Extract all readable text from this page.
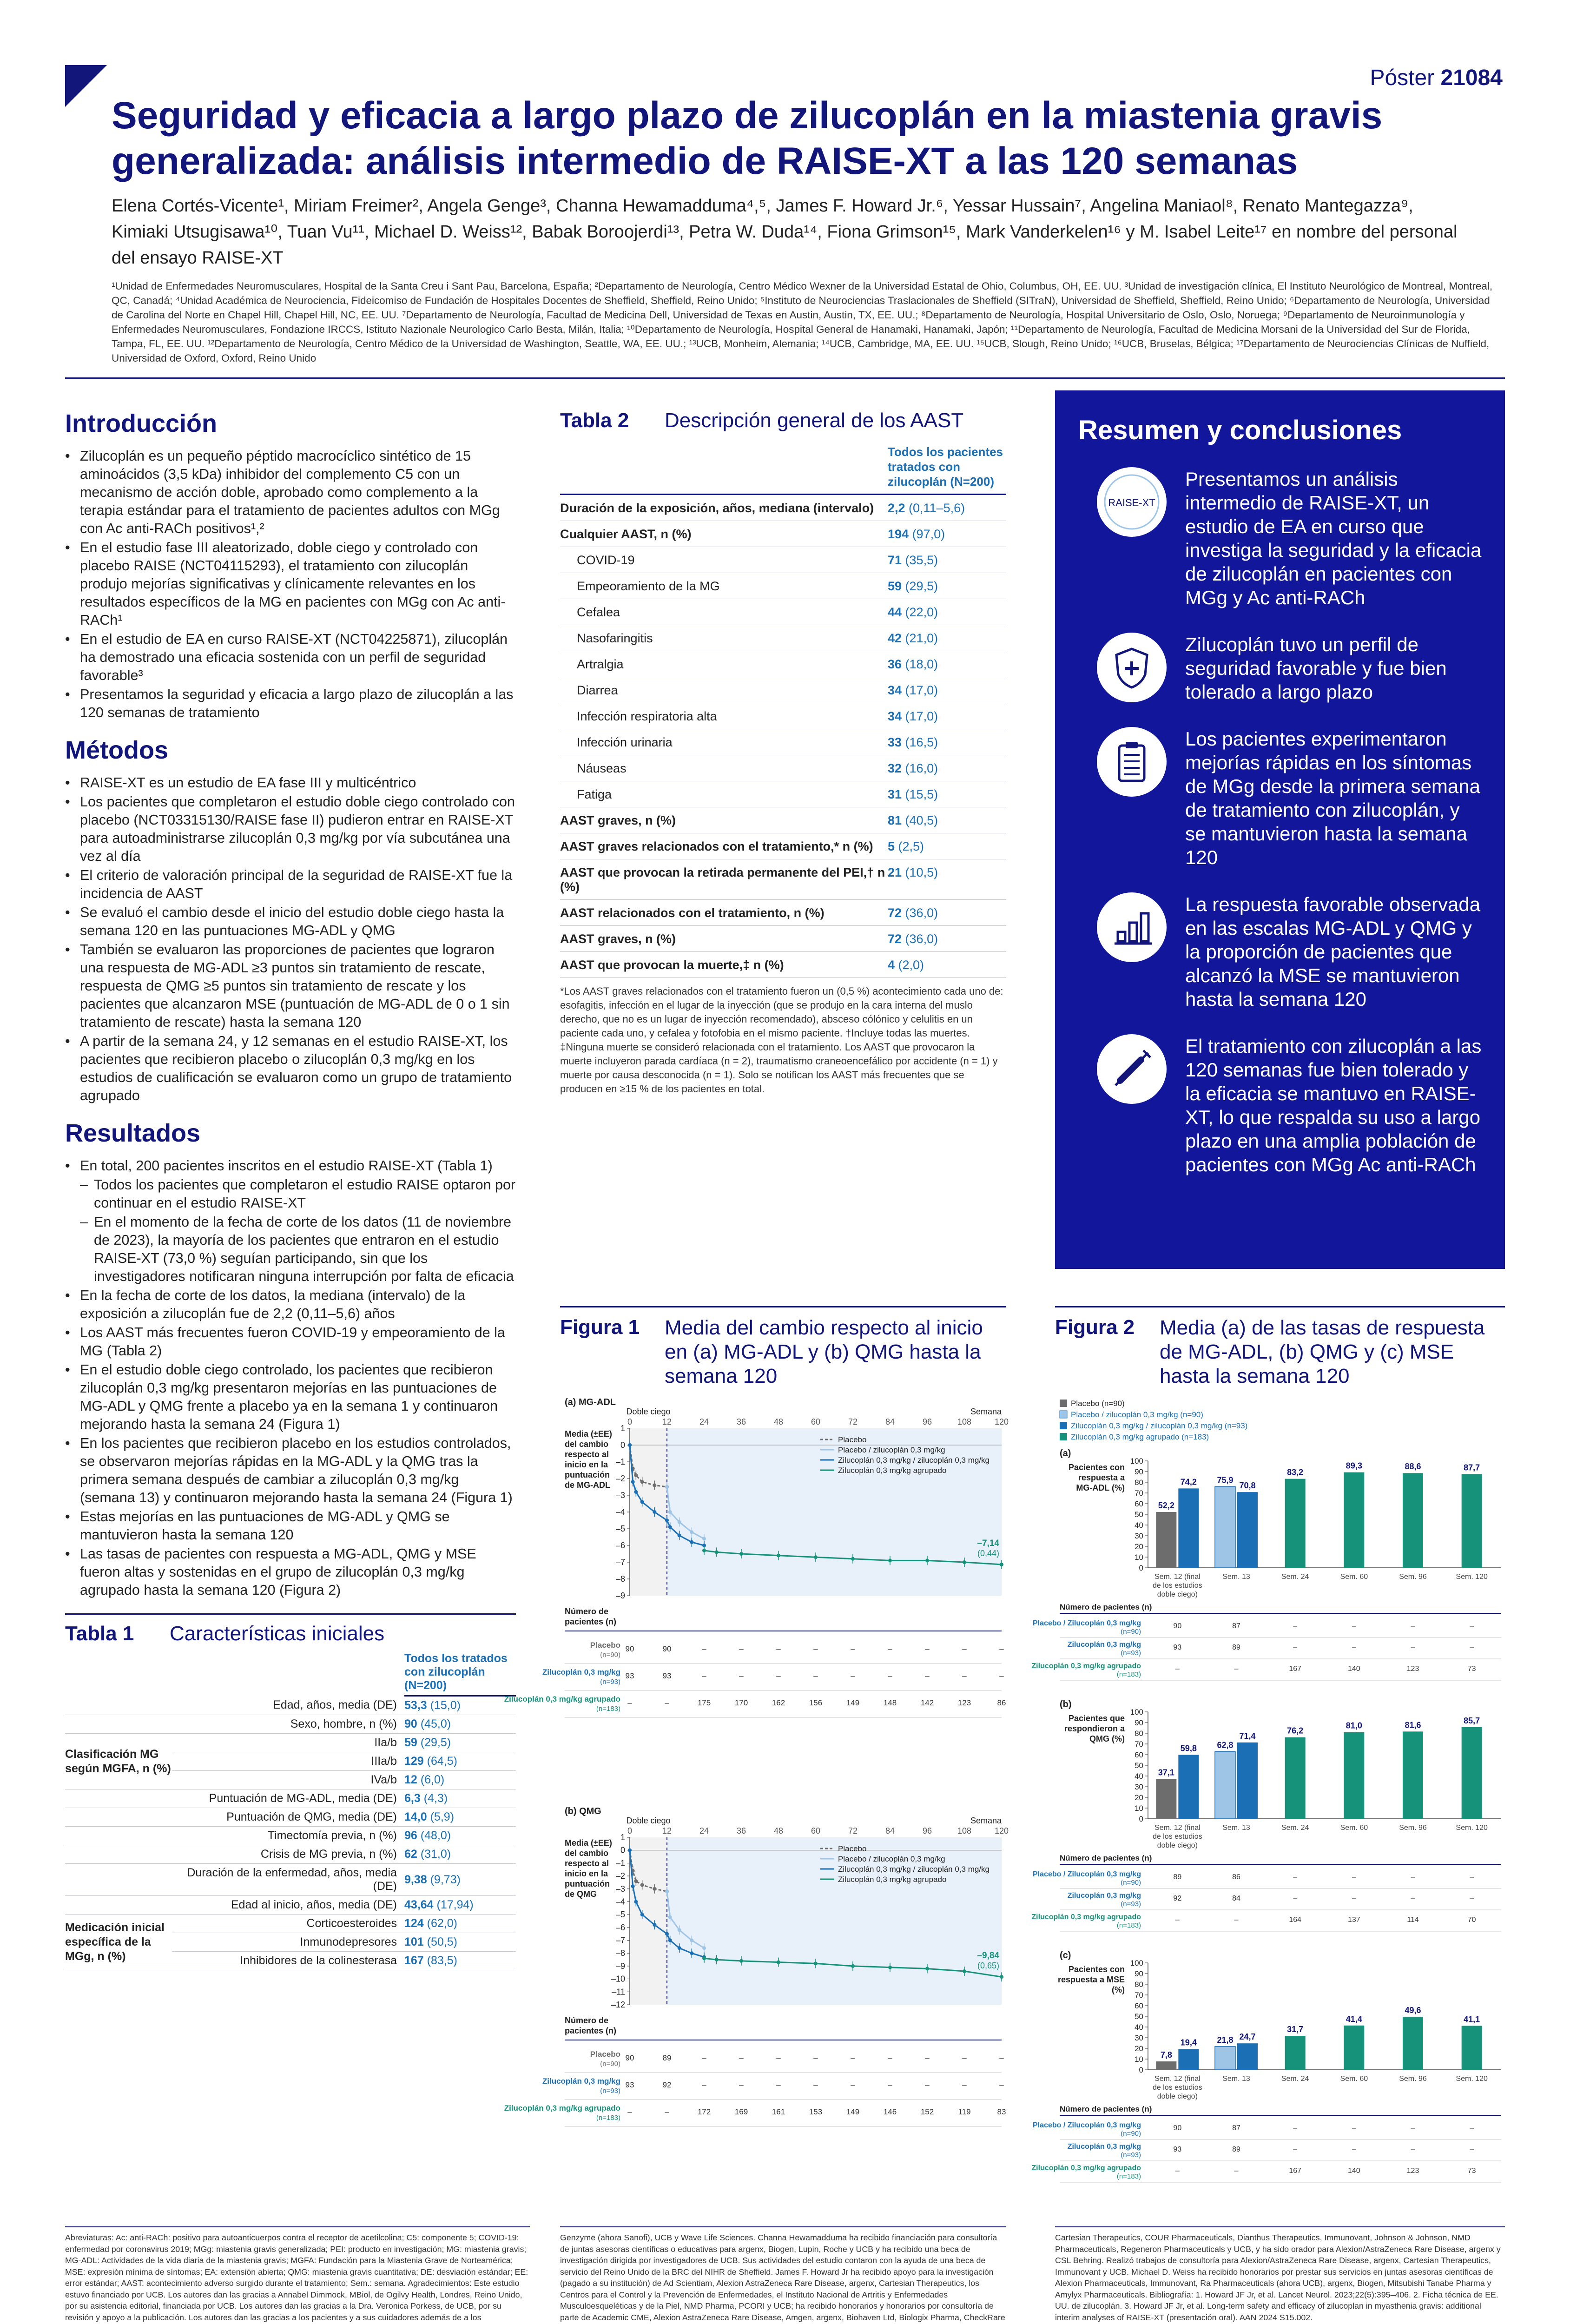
Póster 21084
Seguridad y eficacia a largo plazo de zilucoplán en la miastenia gravis generalizada: análisis intermedio de RAISE-XT a las 120 semanas
Elena Cortés-Vicente¹, Miriam Freimer², Angela Genge³, Channa Hewamadduma⁴,⁵, James F. Howard Jr.⁶, Yessar Hussain⁷, Angelina Maniaol⁸, Renato Mantegazza⁹, Kimiaki Utsugisawa¹⁰, Tuan Vu¹¹, Michael D. Weiss¹², Babak Boroojerdi¹³, Petra W. Duda¹⁴, Fiona Grimson¹⁵, Mark Vanderkelen¹⁶ y M. Isabel Leite¹⁷ en nombre del personal del ensayo RAISE-XT
¹Unidad de Enfermedades Neuromusculares, Hospital de la Santa Creu i Sant Pau, Barcelona, España; ²Departamento de Neurología, Centro Médico Wexner de la Universidad Estatal de Ohio, Columbus, OH, EE. UU. ³Unidad de investigación clínica, El Instituto Neurológico de Montreal, Montreal, QC, Canadá; ⁴Unidad Académica de Neurociencia, Fideicomiso de Fundación de Hospitales Docentes de Sheffield, Sheffield, Reino Unido; ⁵Instituto de Neurociencias Traslacionales de Sheffield (SITraN), Universidad de Sheffield, Sheffield, Reino Unido; ⁶Departamento de Neurología, Universidad de Carolina del Norte en Chapel Hill, Chapel Hill, NC, EE. UU. ⁷Departamento de Neurología, Facultad de Medicina Dell, Universidad de Texas en Austin, Austin, TX, EE. UU.; ⁸Departamento de Neurología, Hospital Universitario de Oslo, Oslo, Noruega; ⁹Departamento de Neuroinmunología y Enfermedades Neuromusculares, Fondazione IRCCS, Istituto Nazionale Neurologico Carlo Besta, Milán, Italia; ¹⁰Departamento de Neurología, Hospital General de Hanamaki, Hanamaki, Japón; ¹¹Departamento de Neurología, Facultad de Medicina Morsani de la Universidad del Sur de Florida, Tampa, FL, EE. UU. ¹²Departamento de Neurología, Centro Médico de la Universidad de Washington, Seattle, WA, EE. UU.; ¹³UCB, Monheim, Alemania; ¹⁴UCB, Cambridge, MA, EE. UU. ¹⁵UCB, Slough, Reino Unido; ¹⁶UCB, Bruselas, Bélgica; ¹⁷Departamento de Neurociencias Clínicas de Nuffield, Universidad de Oxford, Oxford, Reino Unido
Introducción
• Zilucoplán es un pequeño péptido macrocíclico sintético de 15 aminoácidos (3,5 kDa) inhibidor del complemento C5 con un mecanismo de acción doble, aprobado como complemento a la terapia estándar para el tratamiento de pacientes adultos con MGg con Ac anti-RACh positivos¹,²
• En el estudio fase III aleatorizado, doble ciego y controlado con placebo RAISE (NCT04115293), el tratamiento con zilucoplán produjo mejorías significativas y clínicamente relevantes en los resultados específicos de la MG en pacientes con MGg con Ac anti-RACh¹
• En el estudio de EA en curso RAISE-XT (NCT04225871), zilucoplán ha demostrado una eficacia sostenida con un perfil de seguridad favorable³
• Presentamos la seguridad y eficacia a largo plazo de zilucoplán a las 120 semanas de tratamiento
Métodos
• RAISE-XT es un estudio de EA fase III y multicéntrico
• Los pacientes que completaron el estudio doble ciego controlado con placebo (NCT03315130/RAISE fase II) pudieron entrar en RAISE-XT para autoadministrarse zilucoplán 0,3 mg/kg por vía subcutánea una vez al día
• El criterio de valoración principal de la seguridad de RAISE-XT fue la incidencia de AAST
• Se evaluó el cambio desde el inicio del estudio doble ciego hasta la semana 120 en las puntuaciones MG-ADL y QMG
• También se evaluaron las proporciones de pacientes que lograron una respuesta de MG-ADL ≥3 puntos sin tratamiento de rescate, respuesta de QMG ≥5 puntos sin tratamiento de rescate y los pacientes que alcanzaron MSE (puntuación de MG-ADL de 0 o 1 sin tratamiento de rescate) hasta la semana 120
• A partir de la semana 24, y 12 semanas en el estudio RAISE-XT, los pacientes que recibieron placebo o zilucoplán 0,3 mg/kg en los estudios de cualificación se evaluaron como un grupo de tratamiento agrupado
Resultados
• En total, 200 pacientes inscritos en el estudio RAISE-XT (Tabla 1)
– Todos los pacientes que completaron el estudio RAISE optaron por continuar en el estudio RAISE-XT
– En el momento de la fecha de corte de los datos (11 de noviembre de 2023), la mayoría de los pacientes que entraron en el estudio RAISE-XT (73,0 %) seguían participando, sin que los investigadores notificaran ninguna interrupción por falta de eficacia
• En la fecha de corte de los datos, la mediana (intervalo) de la exposición a zilucoplán fue de 2,2 (0,11–5,6) años
• Los AAST más frecuentes fueron COVID-19 y empeoramiento de la MG (Tabla 2)
• En el estudio doble ciego controlado, los pacientes que recibieron zilucoplán 0,3 mg/kg presentaron mejorías en las puntuaciones de MG-ADL y QMG frente a placebo ya en la semana 1 y continuaron mejorando hasta la semana 24 (Figura 1)
• En los pacientes que recibieron placebo en los estudios controlados, se observaron mejorías rápidas en la MG-ADL y la QMG tras la primera semana después de cambiar a zilucoplán 0,3 mg/kg (semana 13) y continuaron mejorando hasta la semana 24 (Figura 1)
• Estas mejorías en las puntuaciones de MG-ADL y QMG se mantuvieron hasta la semana 120
• Las tasas de pacientes con respuesta a MG-ADL, QMG y MSE fueron altas y sostenidas en el grupo de zilucoplán 0,3 mg/kg agrupado hasta la semana 120 (Figura 2)
Tabla 1	Características iniciales
		Todos los tratados con zilucoplán (N=200)
	Edad, años, media (DE)	53,3 (15,0)
	Sexo, hombre, n (%)	90 (45,0)
Clasificación MG según MGFA, n (%)	IIa/b	59 (29,5)
	IIIa/b	129 (64,5)
	IVa/b	12 (6,0)
	Puntuación de MG-ADL, media (DE)	6,3 (4,3)
	Puntuación de QMG, media (DE)	14,0 (5,9)
	Timectomía previa, n (%)	96 (48,0)
	Crisis de MG previa, n (%)	62 (31,0)
	Duración de la enfermedad, años, media (DE)	9,38 (9,73)
	Edad al inicio, años, media (DE)	43,64 (17,94)
Medicación inicial específica de la MGg, n (%)	Corticoesteroides	124 (62,0)
	Inmunodepresores	101 (50,5)
	Inhibidores de la colinesterasa	167 (83,5)
Tabla 2	Descripción general de los AAST
	Todos los pacientes tratados con zilucoplán (N=200)
Duración de la exposición, años, mediana (intervalo)	2,2 (0,11–5,6)
Cualquier AAST, n (%)	194 (97,0)
COVID-19	71 (35,5)
Empeoramiento de la MG	59 (29,5)
Cefalea	44 (22,0)
Nasofaringitis	42 (21,0)
Artralgia	36 (18,0)
Diarrea	34 (17,0)
Infección respiratoria alta	34 (17,0)
Infección urinaria	33 (16,5)
Náuseas	32 (16,0)
Fatiga	31 (15,5)
AAST graves, n (%)	81 (40,5)
AAST graves relacionados con el tratamiento,* n (%)	5 (2,5)
AAST que provocan la retirada permanente del PEI,† n (%)	21 (10,5)
AAST relacionados con el tratamiento, n (%)	72 (36,0)
AAST graves, n (%)	72 (36,0)
AAST que provocan la muerte,‡ n (%)	4 (2,0)
*Los AAST graves relacionados con el tratamiento fueron un (0,5 %) acontecimiento cada uno de: esofagitis, infección en el lugar de la inyección (que se produjo en la cara interna del muslo derecho, que no es un lugar de inyección recomendado), absceso cólónico y celulitis en un paciente cada uno, y cefalea y fotofobia en el mismo paciente. †Incluye todas las muertes. ‡Ninguna muerte se consideró relacionada con el tratamiento. Los AAST que provocaron la muerte incluyeron parada cardíaca (n = 2), traumatismo craneoencefálico por accidente (n = 1) y muerte por causa desconocida (n = 1). Solo se notifican los AAST más frecuentes que se producen en ≥15 % de los pacientes en total.
Resumen y conclusiones
RAISE-XT
Presentamos un análisis intermedio de RAISE-XT, un estudio de EA en curso que investiga la seguridad y la eficacia de zilucoplán en pacientes con MGg y Ac anti-RACh
Zilucoplán tuvo un perfil de seguridad favorable y fue bien tolerado a largo plazo
Los pacientes experimentaron mejorías rápidas en los síntomas de MGg desde la primera semana de tratamiento con zilucoplán, y se mantuvieron hasta la semana 120
La respuesta favorable observada en las escalas MG-ADL y QMG y la proporción de pacientes que alcanzó la MSE se mantuvieron hasta la semana 120
El tratamiento con zilucoplán a las 120 semanas fue bien tolerado y la eficacia se mantuvo en RAISE-XT, lo que respalda su uso a largo plazo en una amplia población de pacientes con MGg Ac anti-RACh
Figura 1	Media del cambio respecto al inicio en (a) MG-ADL y (b) QMG hasta la semana 120
(a) MG-ADL
Doble ciego	Semana
0	12	24	36	48	60	72	84	96	108	120
1
0
–1
–2
–3
–4
–5
–6
–7
–8
–9
Media (±EE)
del cambio
respecto al
inicio en la
puntuación
de MG-ADL
Placebo
Placebo / zilucoplán 0,3 mg/kg
Zilucoplán 0,3 mg/kg / zilucoplán 0,3 mg/kg
Zilucoplán 0,3 mg/kg agrupado
–7,14
(0,44)
Número de
pacientes (n)
Placebo
(n=90)
90	90	–	–	–	–	–	–	–	–	–
Zilucoplán 0,3 mg/kg
(n=93)
93	93	–	–	–	–	–	–	–	–	–
Zilucoplán 0,3 mg/kg agrupado
(n=183)
–	–	175	170	162	156	149	148	142	123	86
(b) QMG
Doble ciego	Semana
0	12	24	36	48	60	72	84	96	108	120
1
0
–1
–2
–3
–4
–5
–6
–7
–8
–9
–10
–11
–12
Media (±EE)
del cambio
respecto al
inicio en la
puntuación
de QMG
Placebo
Placebo / zilucoplán 0,3 mg/kg
Zilucoplán 0,3 mg/kg / zilucoplán 0,3 mg/kg
Zilucoplán 0,3 mg/kg agrupado
–9,84
(0,65)
Número de
pacientes (n)
Placebo
(n=90)
90	89	–	–	–	–	–	–	–	–	–
Zilucoplán 0,3 mg/kg
(n=93)
93	92	–	–	–	–	–	–	–	–	–
Zilucoplán 0,3 mg/kg agrupado
(n=183)
–	–	172	169	161	153	149	146	152	119	83
Figura 2	Media (a) de las tasas de respuesta de MG-ADL, (b) QMG y (c) MSE hasta la semana 120
Placebo (n=90)
Placebo / zilucoplán 0,3 mg/kg (n=90)
Zilucoplán 0,3 mg/kg / zilucoplán 0,3 mg/kg (n=93)
Zilucoplán 0,3 mg/kg agrupado (n=183)
(a)
Pacientes con
respuesta a
MG-ADL (%)
0
10
20
30
40
50
60
70
80
90
100
52,2
74,2
Sem. 12 (final
de los estudios
doble ciego)
75,9
70,8
Sem. 13
83,2
Sem. 24
89,3
Sem. 60
88,6
Sem. 96
87,7
Sem. 120
Número de pacientes (n)
Placebo / Zilucoplán 0,3 mg/kg
(n=90)
90	87	–	–	–	–
Zilucoplán 0,3 mg/kg
(n=93)
93	89	–	–	–	–
Zilucoplán 0,3 mg/kg agrupado
(n=183)
–	–	167	140	123	73
(b)
Pacientes que
respondieron a
QMG (%)
0
10
20
30
40
50
60
70
80
90
100
37,1
59,8
Sem. 12 (final
de los estudios
doble ciego)
62,8
71,4
Sem. 13
76,2
Sem. 24
81,0
Sem. 60
81,6
Sem. 96
85,7
Sem. 120
Número de pacientes (n)
Placebo / Zilucoplán 0,3 mg/kg
(n=90)
89	86	–	–	–	–
Zilucoplán 0,3 mg/kg
(n=93)
92	84	–	–	–	–
Zilucoplán 0,3 mg/kg agrupado
(n=183)
–	–	164	137	114	70
(c)
Pacientes con
respuesta a MSE
(%)
0
10
20
30
40
50
60
70
80
90
100
7,8
19,4
Sem. 12 (final
de los estudios
doble ciego)
21,8 24,7
Sem. 13
31,7
Sem. 24
41,4
Sem. 60
49,6
Sem. 96
41,1
Sem. 120
Número de pacientes (n)
Placebo / Zilucoplán 0,3 mg/kg
(n=90)
90	87	–	–	–	–
Zilucoplán 0,3 mg/kg
(n=93)
93	89	–	–	–	–
Zilucoplán 0,3 mg/kg agrupado
(n=183)
–	–	167	140	123	73
Abreviaturas: Ac: anti-RACh: positivo para autoanticuerpos contra el receptor de acetilcolina; C5: componente 5; COVID-19: enfermedad por coronavirus 2019; MGg: miastenia gravis generalizada; PEI: producto en investigación; MG: miastenia gravis; MG-ADL: Actividades de la vida diaria de la miastenia gravis; MGFA: Fundación para la Miastenia Grave de Norteamérica; MSE: expresión mínima de síntomas; EA: extensión abierta; QMG: miastenia gravis cuantitativa; DE: desviación estándar; EE: error estándar; AAST: acontecimiento adverso surgido durante el tratamiento; Sem.: semana. Agradecimientos: Este estudio estuvo financiado por UCB. Los autores dan las gracias a Annabel Dimmock, MBiol, de Ogilvy Health, Londres, Reino Unido, por su asistencia editorial, financiada por UCB. Los autores dan las gracias a la Dra. Veronica Porkess, de UCB, por su revisión y apoyo a la publicación. Los autores dan las gracias a los pacientes y a sus cuidadores además de a los
Genzyme (ahora Sanofi), UCB y Wave Life Sciences. Channa Hewamadduma ha recibido financiación para consultoría de juntas asesoras científicas o educativas para argenx, Biogen, Lupin, Roche y UCB y ha recibido una beca de investigación dirigida por investigadores de UCB. Sus actividades del estudio contaron con la ayuda de una beca de servicio del Reino Unido de la BRC del NIHR de Sheffield. James F. Howard Jr ha recibido apoyo para la investigación (pagado a su institución) de Ad Scientiam, Alexion AstraZeneca Rare Disease, argenx, Cartesian Therapeutics, los Centros para el Control y la Prevención de Enfermedades, el Instituto Nacional de Artritis y Enfermedades Musculoesqueléticas y de la Piel, NMD Pharma, PCORI y UCB; ha recibido honorarios y honorarios por consultoría de parte de Academic CME, Alexion AstraZeneca Rare Disease, Amgen, argenx, Biohaven Ltd, Biologix Pharma, CheckRare
Cartesian Therapeutics, COUR Pharmaceuticals, Dianthus Therapeutics, Immunovant, Johnson & Johnson, NMD Pharmaceuticals, Regeneron Pharmaceuticals y UCB, y ha sido orador para Alexion/AstraZeneca Rare Disease, argenx y CSL Behring. Realizó trabajos de consultoría para Alexion/AstraZeneca Rare Disease, argenx, Cartesian Therapeutics, Immunovant y UCB. Michael D. Weiss ha recibido honorarios por prestar sus servicios en juntas asesoras científicas de Alexion Pharmaceuticals, Immunovant, Ra Pharmaceuticals (ahora UCB), argenx, Biogen, Mitsubishi Tanabe Pharma y Amylyx Pharmaceuticals. Bibliografía: 1. Howard JF Jr, et al. Lancet Neurol. 2023;22(5):395–406. 2. Ficha técnica de EE. UU. de zilucoplán. 3. Howard JF Jr, et al. Long-term safety and efficacy of zilucoplan in myasthenia gravis: additional interim analyses of RAISE-XT (presentación oral). AAN 2024 S15.002.
